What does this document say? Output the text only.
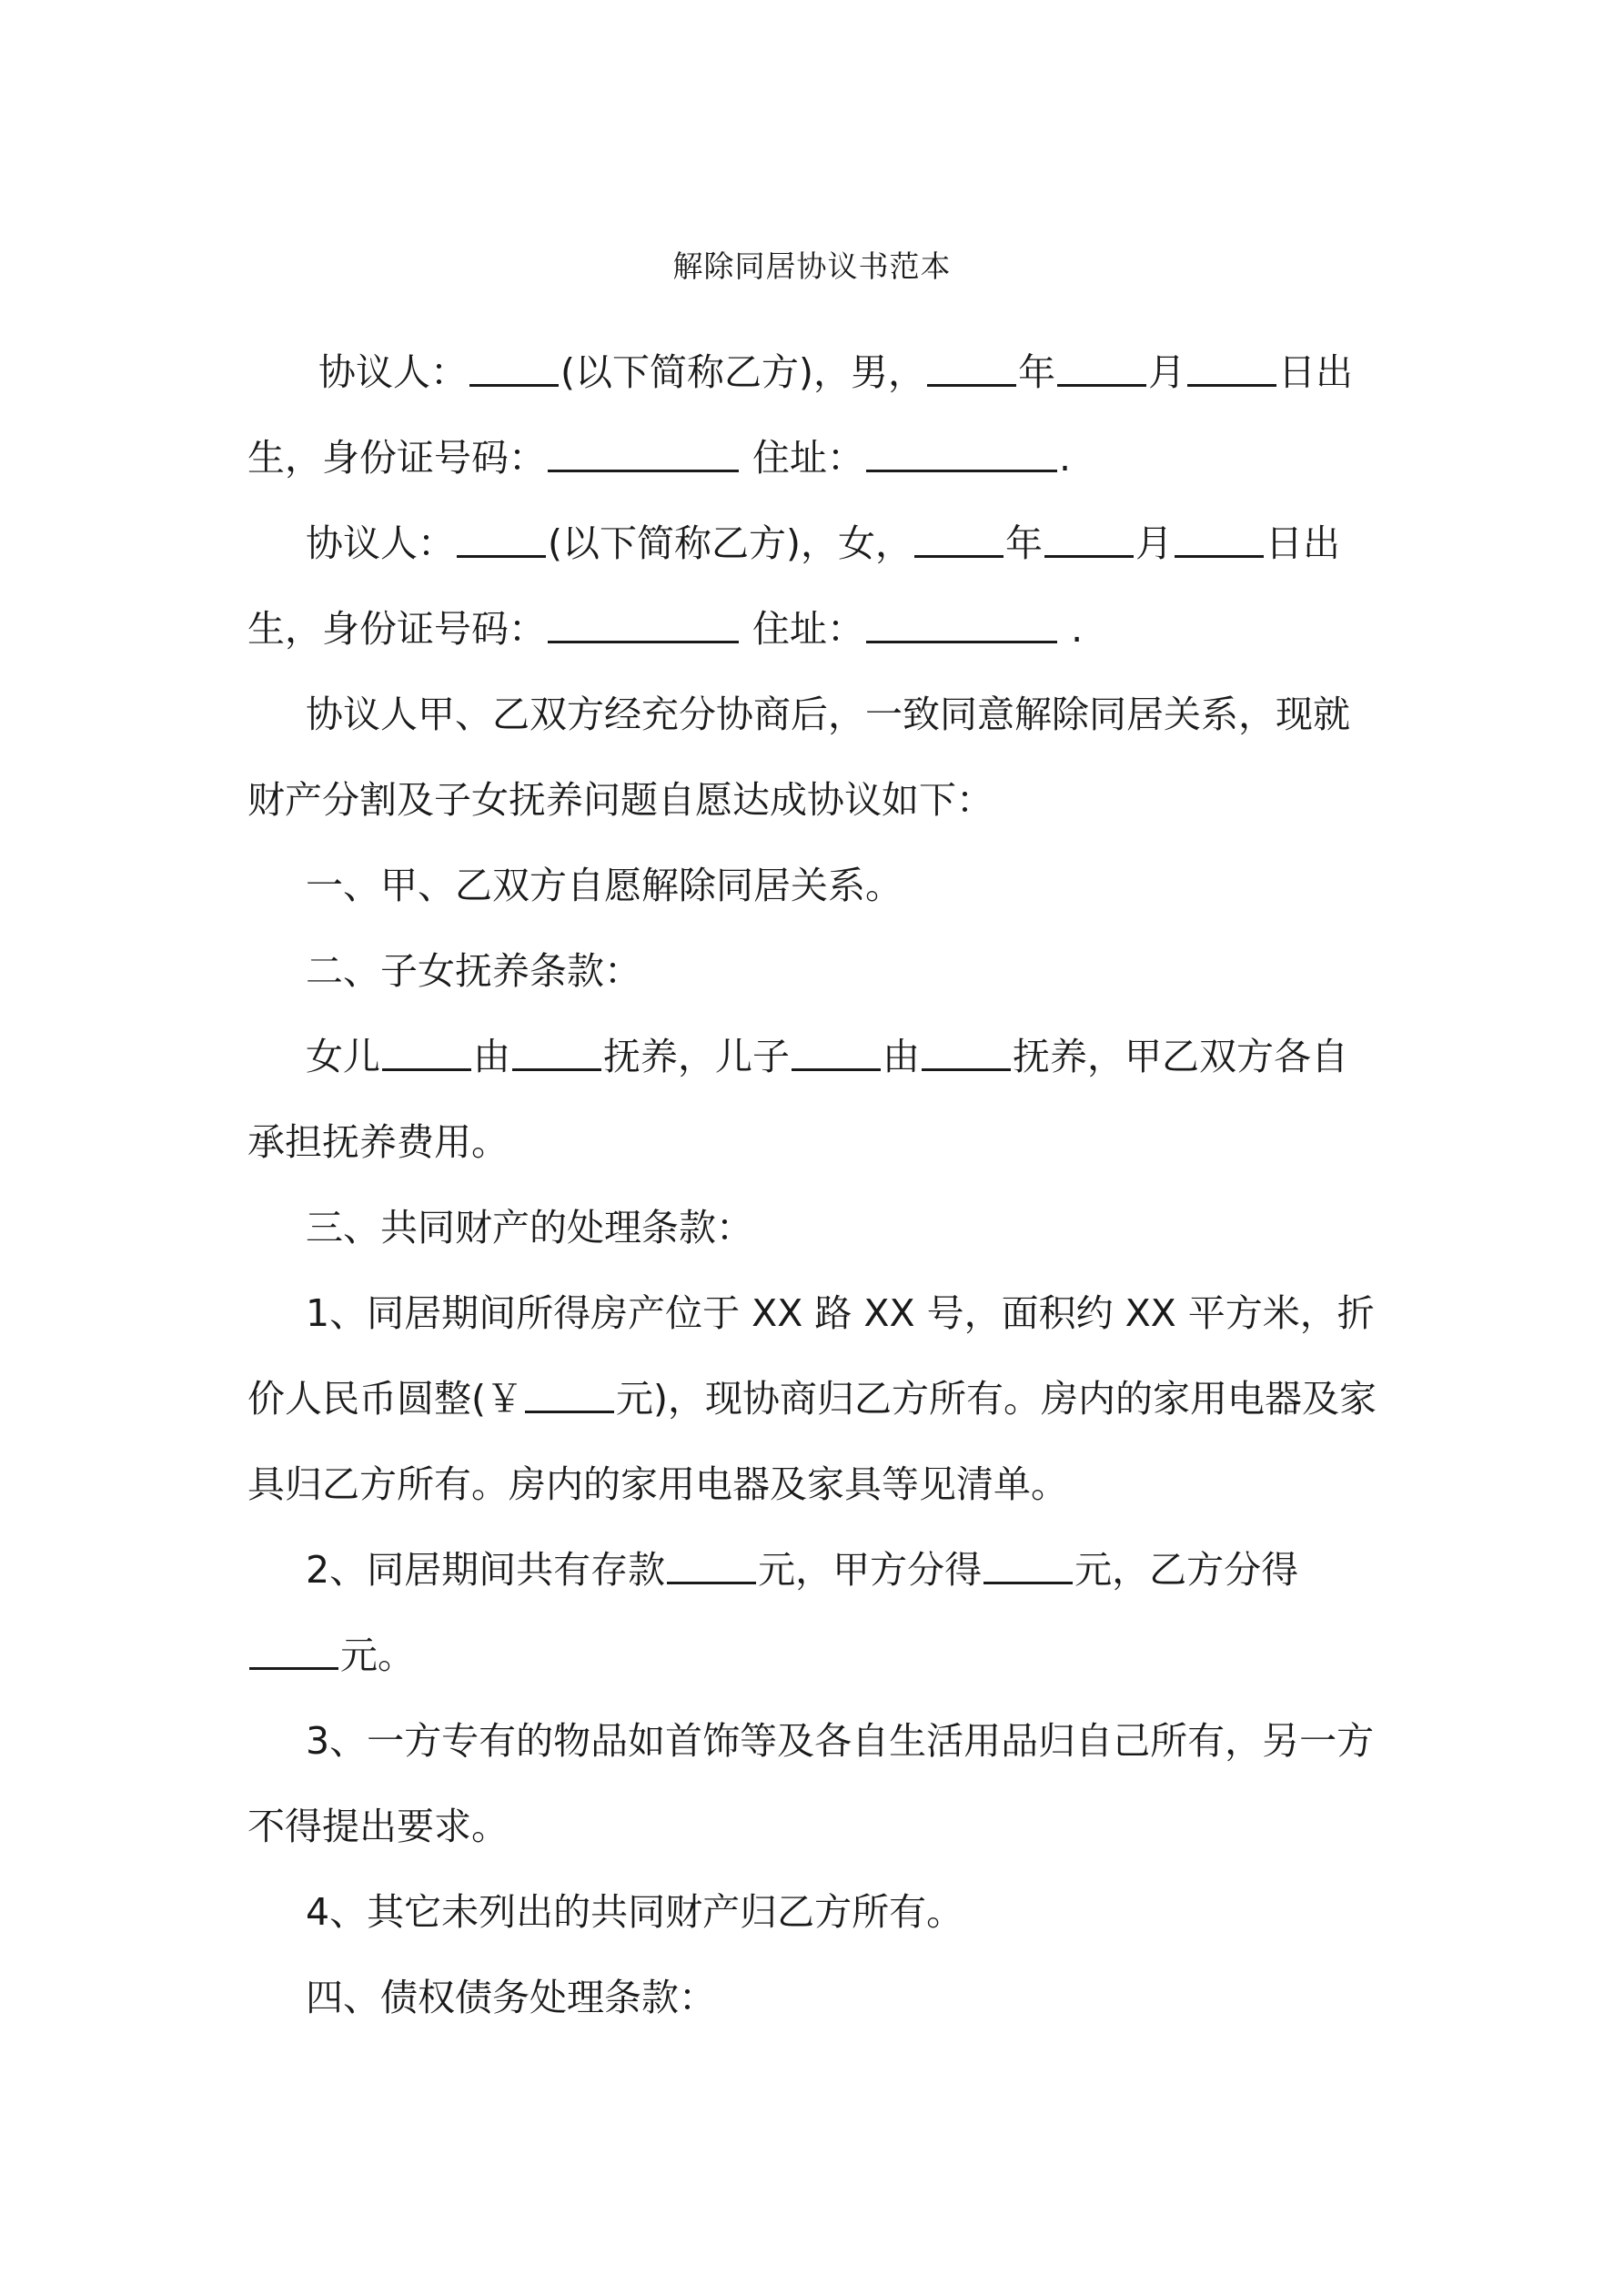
解除同居协议书范本

协议人： (以下简称乙方)，男， 年 月 日出生，身份证号码：	住址：	.

协议人： (以下简称乙方)，女， 年 月 日出生，身份证号码：	住址：	.

协议人甲、乙双方经充分协商后，一致同意解除同居关系，现就财产分割及子女抚养问题自愿达成协议如下：

一、甲、乙双方自愿解除同居关系。

二、子女抚养条款：

女儿 由 抚养，儿子 由 抚养，甲乙双方各自承担抚养费用。

三、共同财产的处理条款：

1、同居期间所得房产位于 XX 路 XX 号，面积约 XX 平方米，折价人民币圆整(￥ 元)，现协商归乙方所有。房内的家用电器及家具归乙方所有。房内的家用电器及家具等见清单。

2、同居期间共有存款 元，甲方分得 元，乙方分得元。

3、一方专有的物品如首饰等及各自生活用品归自己所有，另一方不得提出要求。

4、其它未列出的共同财产归乙方所有。

四、债权债务处理条款：
